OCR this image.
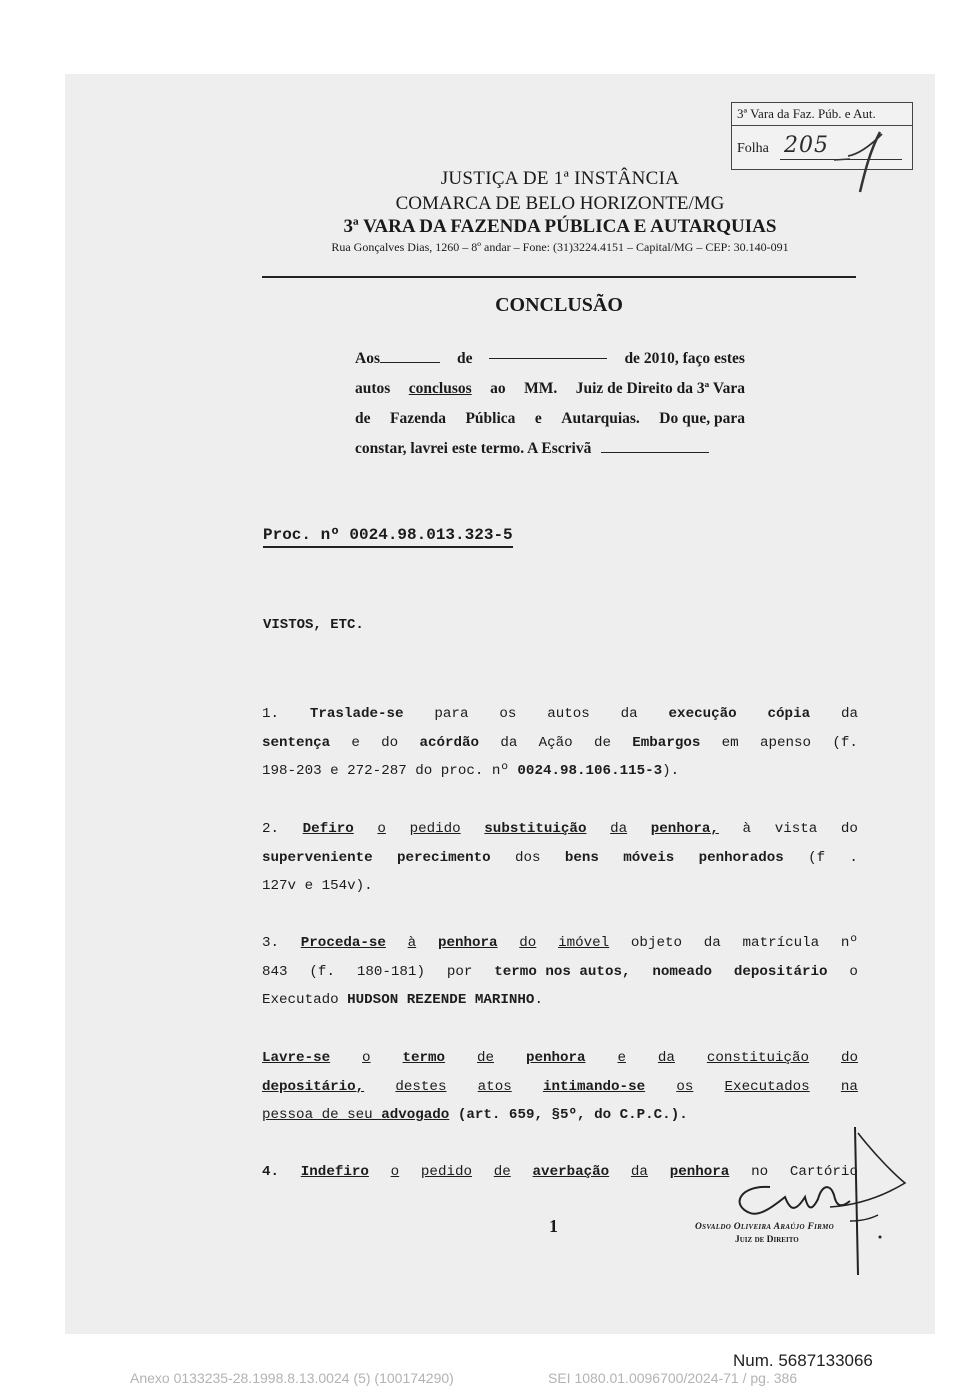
3ª Vara da Faz. Púb. e Aut.
Folha 205
JUSTIÇA DE 1ª INSTÂNCIA
COMARCA DE BELO HORIZONTE/MG
3ª VARA DA FAZENDA PÚBLICA E AUTARQUIAS
Rua Gonçalves Dias, 1260 – 8º andar – Fone: (31)3224.4151 – Capital/MG – CEP: 30.140-091
CONCLUSÃO
Aos	de	de 2010, faço estes
autos conclusos ao MM. Juiz de Direito da 3ª Vara
de Fazenda Pública e Autarquias. Do que, para
constar, lavrei este termo. A Escrivã
Proc. nº 0024.98.013.323-5
VISTOS, ETC.
1. Traslade-se para os autos da execução cópia da
sentença e do acórdão da Ação de Embargos em apenso (f.
198-203 e 272-287 do proc. nº 0024.98.106.115-3).
2. Defiro o pedido substituição da penhora, à vista do
superveniente perecimento dos bens móveis penhorados (f .
127v e 154v).
3. Proceda-se à penhora do imóvel objeto da matrícula nº
843 (f. 180-181) por termo nos autos, nomeado depositário o
Executado HUDSON REZENDE MARINHO.
Lavre-se o termo de penhora e da constituição do
depositário, destes atos intimando-se os Executados na
pessoa de seu advogado (art. 659, §5º, do C.P.C.).
4. Indefiro o pedido de averbação da penhora no Cartório
1	Osvaldo Oliveira Araújo Firmo
Juiz de Direito
Num. 5687133066
Anexo 0133235-28.1998.8.13.0024 (5) (100174290)	SEI 1080.01.0096700/2024-71 / pg. 386
